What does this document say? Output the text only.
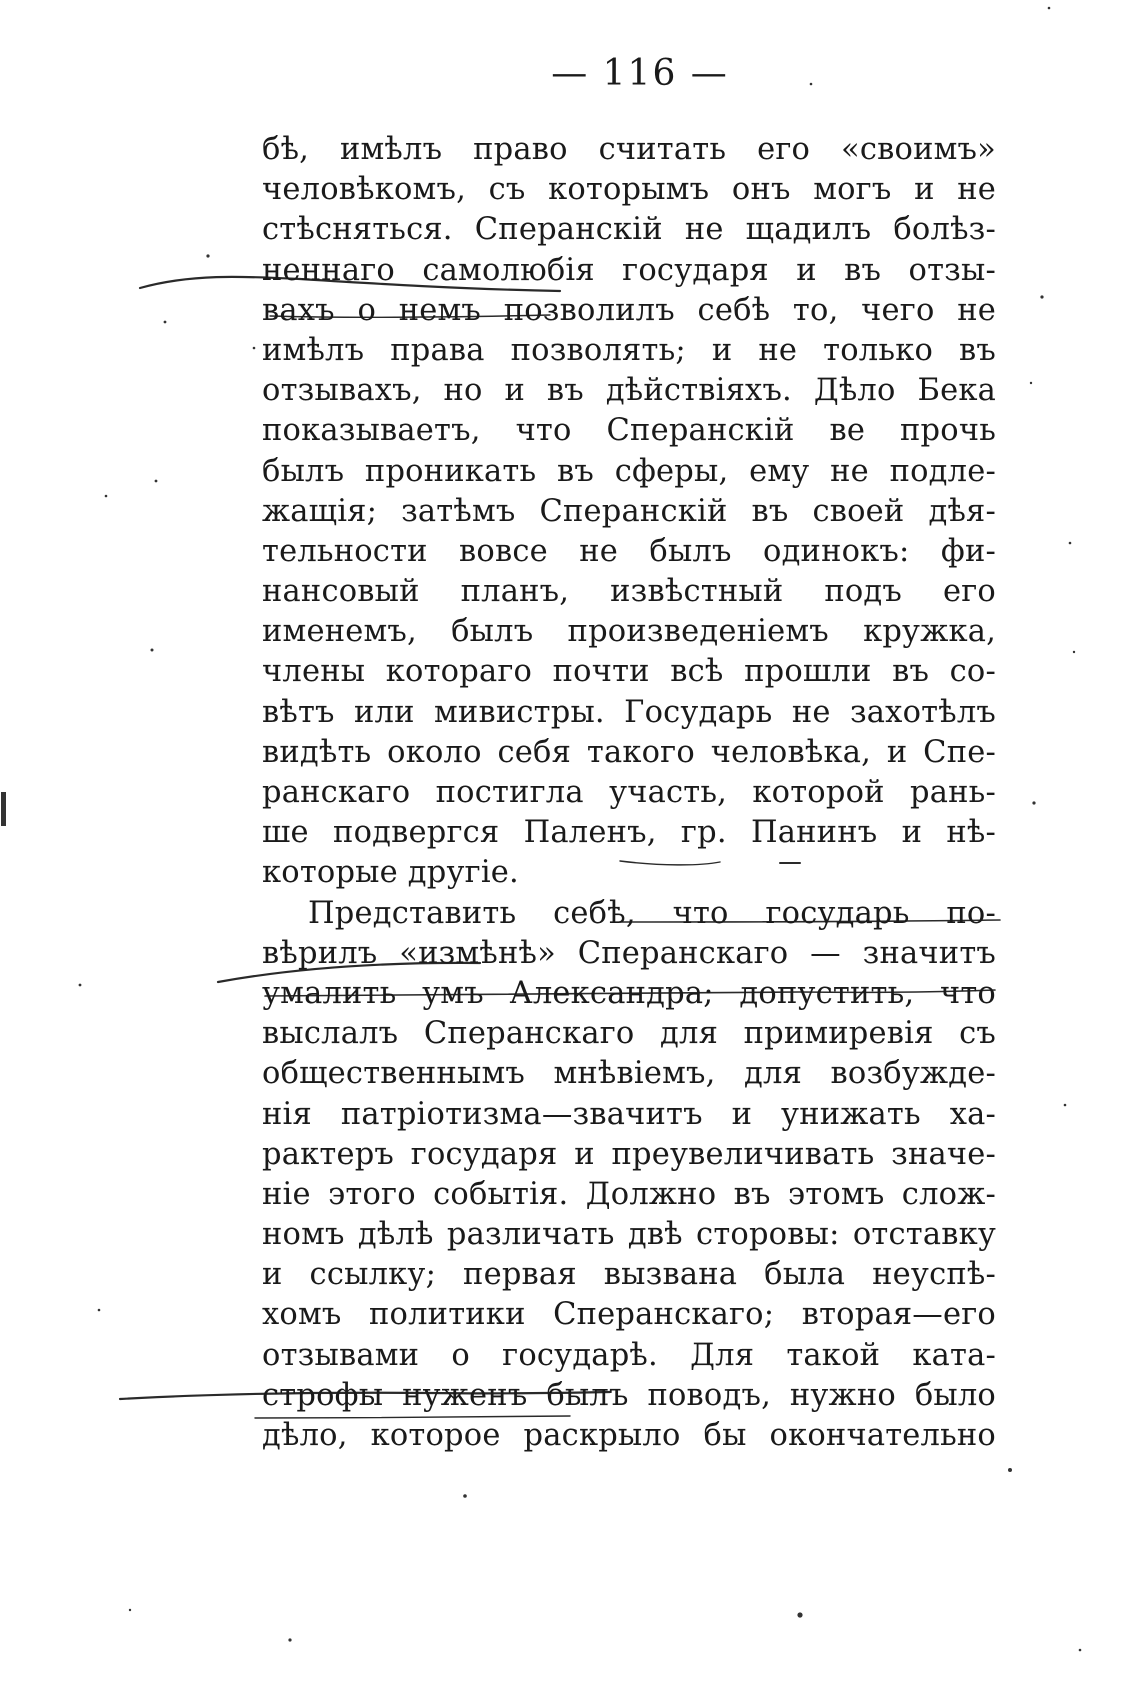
— 116 —
бѣ, имѣлъ право считать его «своимъ»
человѣкомъ, съ которымъ онъ могъ и не
стѣсняться. Сперанскій не щадилъ болѣз-
неннаго самолюбія государя и въ отзы-
вахъ о немъ позволилъ себѣ то, чего не
имѣлъ права позволять; и не только въ
отзывахъ, но и въ дѣйствіяхъ. Дѣло Бека
показываетъ, что Сперанскій ве прочь
былъ проникать въ сферы, ему не подле-
жащія; затѣмъ Сперанскій въ своей дѣя-
тельности вовсе не былъ одинокъ: фи-
нансовый планъ, извѣстный подъ его
именемъ, былъ произведеніемъ кружка,
члены котораго почти всѣ прошли въ со-
вѣтъ или мивистры. Государь не захотѣлъ
видѣть около себя такого человѣка, и Спе-
ранскаго постигла участь, которой рань-
ше подвергся Паленъ, гр. Панинъ и нѣ-
которые другіе.
Представить себѣ, что государь по-
вѣрилъ «измѣнѣ» Сперанскаго — значитъ
умалить умъ Александра; допустить, что
выслалъ Сперанскаго для примиревія съ
общественнымъ мнѣвіемъ, для возбужде-
нія патріотизма—звачитъ и унижать ха-
рактеръ государя и преувеличивать значе-
ніе этого событія. Должно въ этомъ слож-
номъ дѣлѣ различать двѣ сторовы: отставку
и ссылку; первая вызвана была неуспѣ-
хомъ политики Сперанскаго; вторая—его
отзывами о государѣ. Для такой ката-
строфы нуженъ былъ поводъ, нужно было
дѣло, которое раскрыло бы окончательно
